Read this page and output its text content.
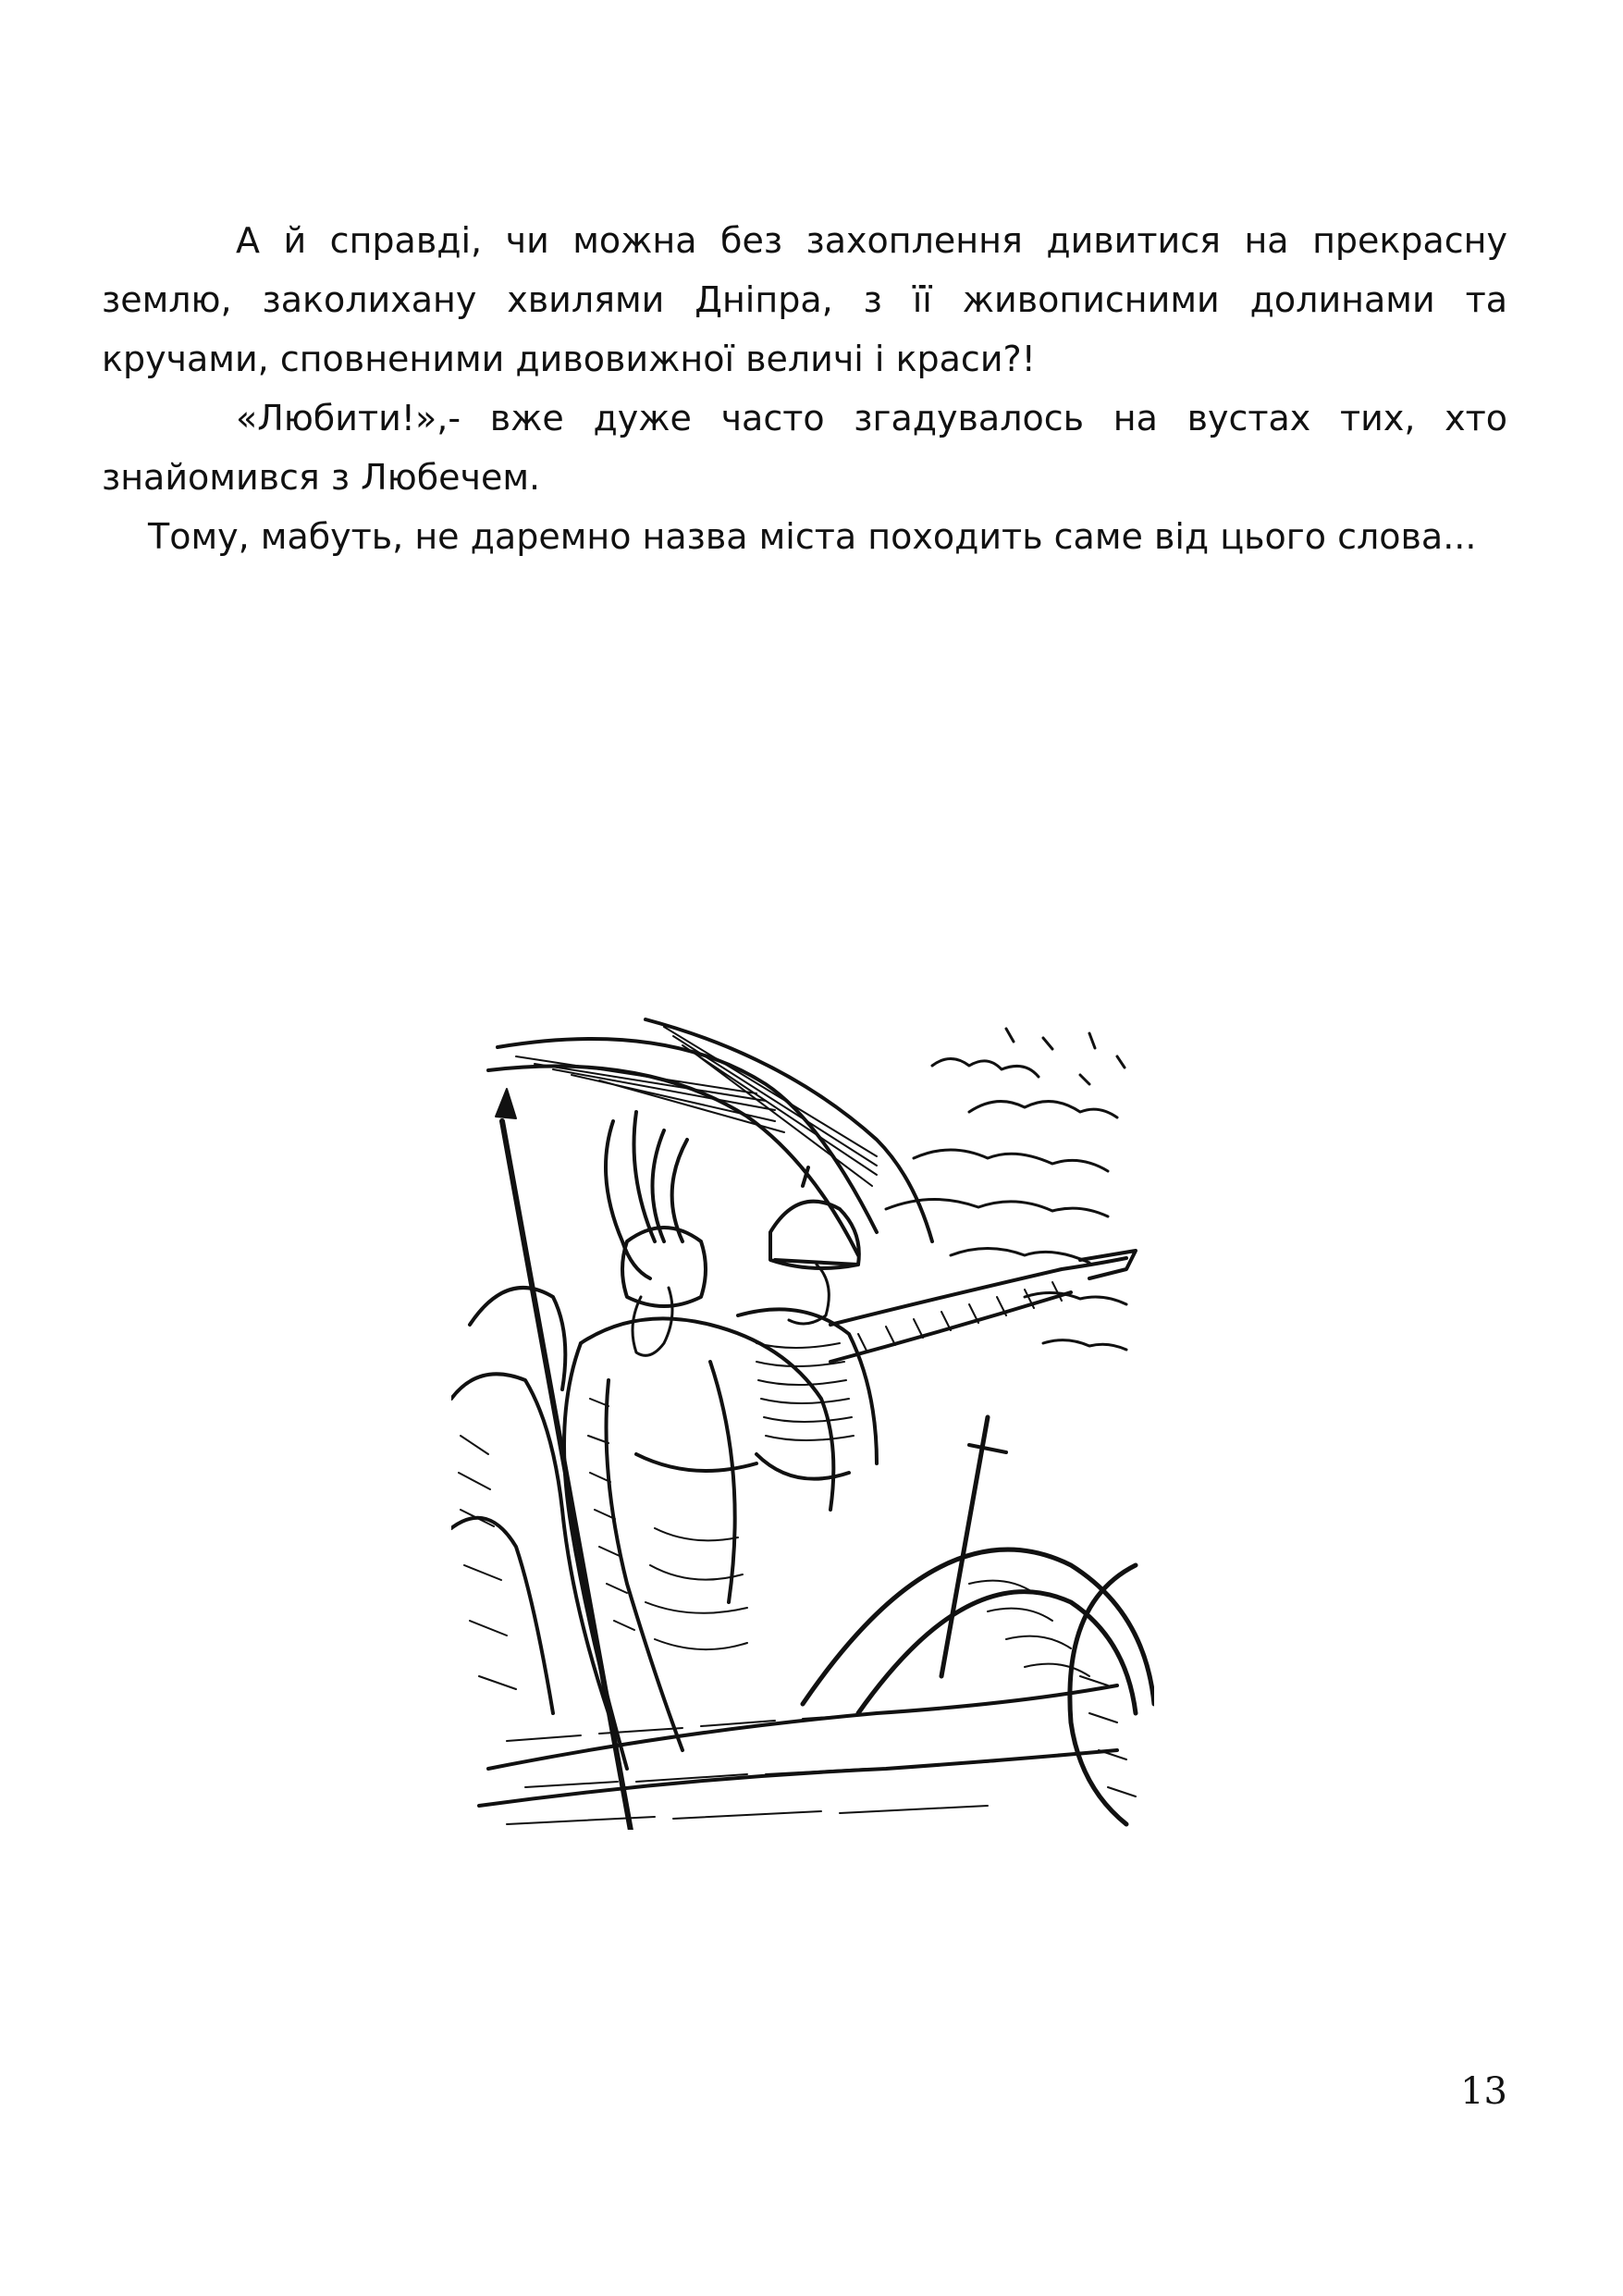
А й справді, чи можна без захоплення дивитися на прекрасну землю, заколихану хвилями Дніпра, з її живописними долинами та кручами, сповненими дивовижної величі і краси?!

«Любити!»,- вже дуже часто згадувалось на вустах тих, хто знайомився з Любечем.

Тому, мабуть, не даремно назва міста походить саме від цього слова...

13
